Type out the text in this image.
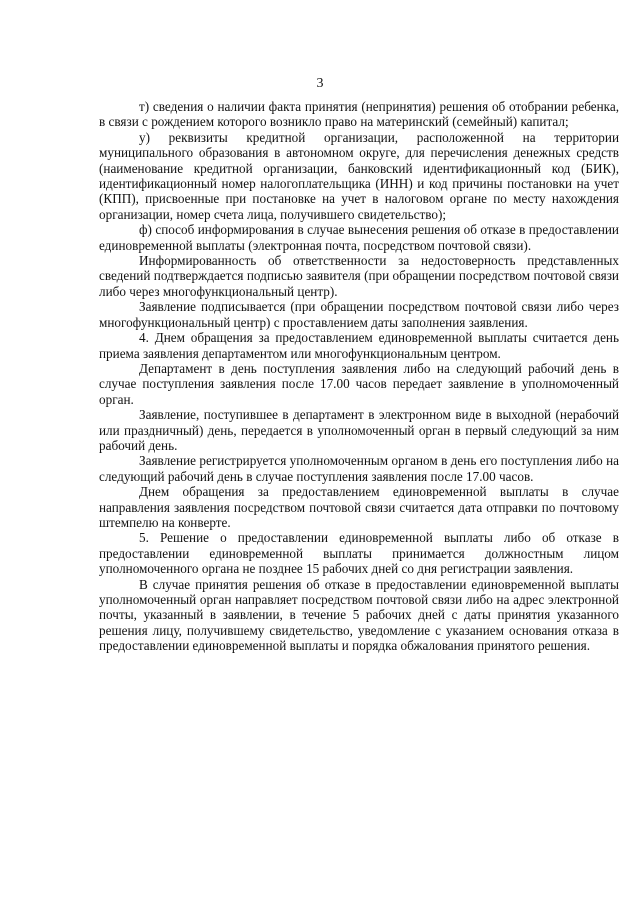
3

т) сведения о наличии факта принятия (непринятия) решения об отобрании ребенка, в связи с рождением которого возникло право на материнский (семейный) капитал;

у) реквизиты кредитной организации, расположенной на территории муниципального образования в автономном округе, для перечисления денежных средств (наименование кредитной организации, банковский идентификационный код (БИК), идентификационный номер налогоплательщика (ИНН) и код причины постановки на учет (КПП), присвоенные при постановке на учет в налоговом органе по месту нахождения организации, номер счета лица, получившего свидетельство);

ф) способ информирования в случае вынесения решения об отказе в предоставлении единовременной выплаты (электронная почта, посредством почтовой связи).

Информированность об ответственности за недостоверность представленных сведений подтверждается подписью заявителя (при обращении посредством почтовой связи либо через многофункциональный центр).

Заявление подписывается (при обращении посредством почтовой связи либо через многофункциональный центр) с проставлением даты заполнения заявления.

4. Днем обращения за предоставлением единовременной выплаты считается день приема заявления департаментом или многофункциональным центром.

Департамент в день поступления заявления либо на следующий рабочий день в случае поступления заявления после 17.00 часов передает заявление в уполномоченный орган.

Заявление, поступившее в департамент в электронном виде в выходной (нерабочий или праздничный) день, передается в уполномоченный орган в первый следующий за ним рабочий день.

Заявление регистрируется уполномоченным органом в день его поступления либо на следующий рабочий день в случае поступления заявления после 17.00 часов.

Днем обращения за предоставлением единовременной выплаты в случае направления заявления посредством почтовой связи считается дата отправки по почтовому штемпелю на конверте.

5. Решение о предоставлении единовременной выплаты либо об отказе в предоставлении единовременной выплаты принимается должностным лицом уполномоченного органа не позднее 15 рабочих дней со дня регистрации заявления.

В случае принятия решения об отказе в предоставлении единовременной выплаты уполномоченный орган направляет посредством почтовой связи либо на адрес электронной почты, указанный в заявлении, в течение 5 рабочих дней с даты принятия указанного решения лицу, получившему свидетельство, уведомление с указанием основания отказа в предоставлении единовременной выплаты и порядка обжалования принятого решения.
